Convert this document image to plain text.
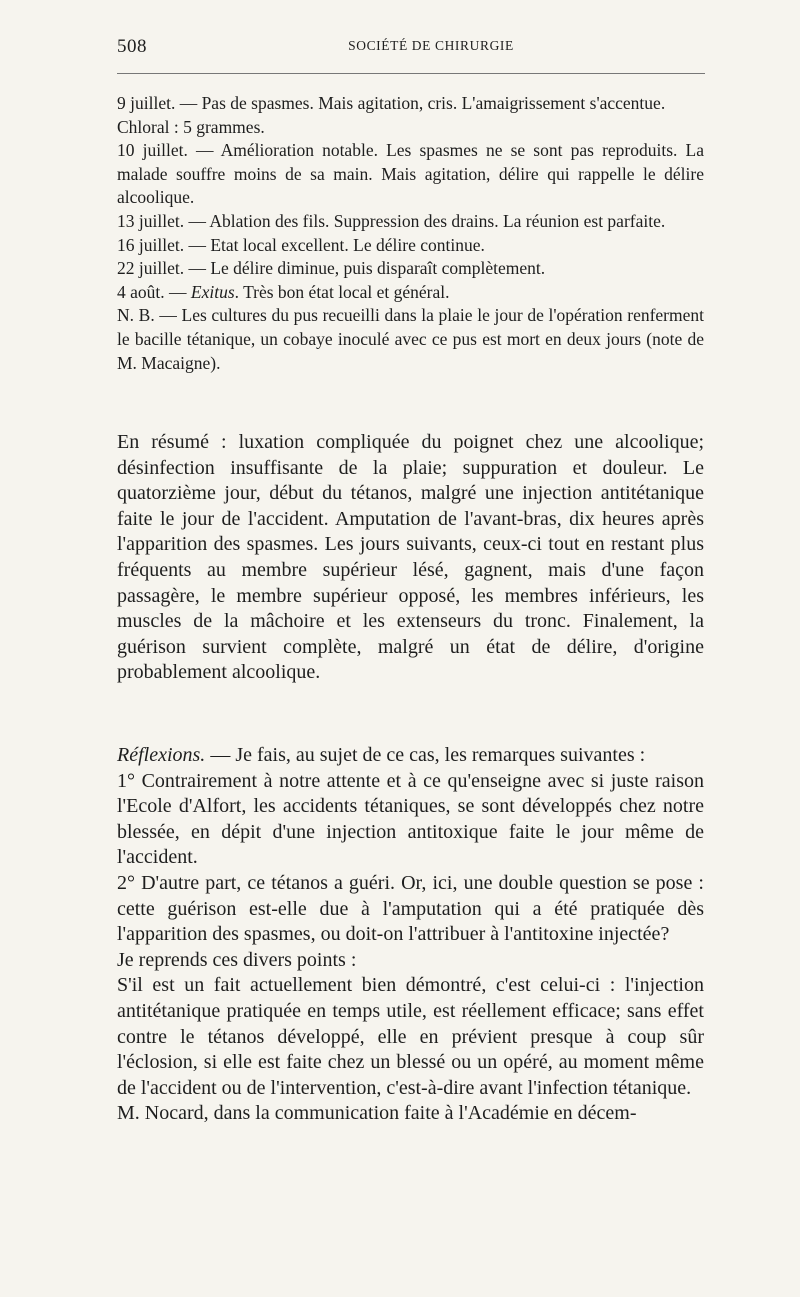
508	SOCIÉTÉ DE CHIRURGIE

9 juillet. — Pas de spasmes. Mais agitation, cris. L'amaigrissement s'accentue.

Chloral : 5 grammes.

10 juillet. — Amélioration notable. Les spasmes ne se sont pas reproduits. La malade souffre moins de sa main. Mais agitation, délire qui rappelle le délire alcoolique.

13 juillet. — Ablation des fils. Suppression des drains. La réunion est parfaite.

16 juillet. — Etat local excellent. Le délire continue.

22 juillet. — Le délire diminue, puis disparaît complètement.

4 août. — Exitus. Très bon état local et général.

N. B. — Les cultures du pus recueilli dans la plaie le jour de l'opération renferment le bacille tétanique, un cobaye inoculé avec ce pus est mort en deux jours (note de M. Macaigne).

En résumé : luxation compliquée du poignet chez une alcoolique; désinfection insuffisante de la plaie; suppuration et douleur. Le quatorzième jour, début du tétanos, malgré une injection antitétanique faite le jour de l'accident. Amputation de l'avant-bras, dix heures après l'apparition des spasmes. Les jours suivants, ceux-ci tout en restant plus fréquents au membre supérieur lésé, gagnent, mais d'une façon passagère, le membre supérieur opposé, les membres inférieurs, les muscles de la mâchoire et les extenseurs du tronc. Finalement, la guérison survient complète, malgré un état de délire, d'origine probablement alcoolique.

Réflexions. — Je fais, au sujet de ce cas, les remarques suivantes :

1° Contrairement à notre attente et à ce qu'enseigne avec si juste raison l'Ecole d'Alfort, les accidents tétaniques, se sont développés chez notre blessée, en dépit d'une injection antitoxique faite le jour même de l'accident.

2° D'autre part, ce tétanos a guéri. Or, ici, une double question se pose : cette guérison est-elle due à l'amputation qui a été pratiquée dès l'apparition des spasmes, ou doit-on l'attribuer à l'antitoxine injectée?

Je reprends ces divers points :

S'il est un fait actuellement bien démontré, c'est celui-ci : l'injection antitétanique pratiquée en temps utile, est réellement efficace; sans effet contre le tétanos développé, elle en prévient presque à coup sûr l'éclosion, si elle est faite chez un blessé ou un opéré, au moment même de l'accident ou de l'intervention, c'est-à-dire avant l'infection tétanique.

M. Nocard, dans la communication faite à l'Académie en décem-
